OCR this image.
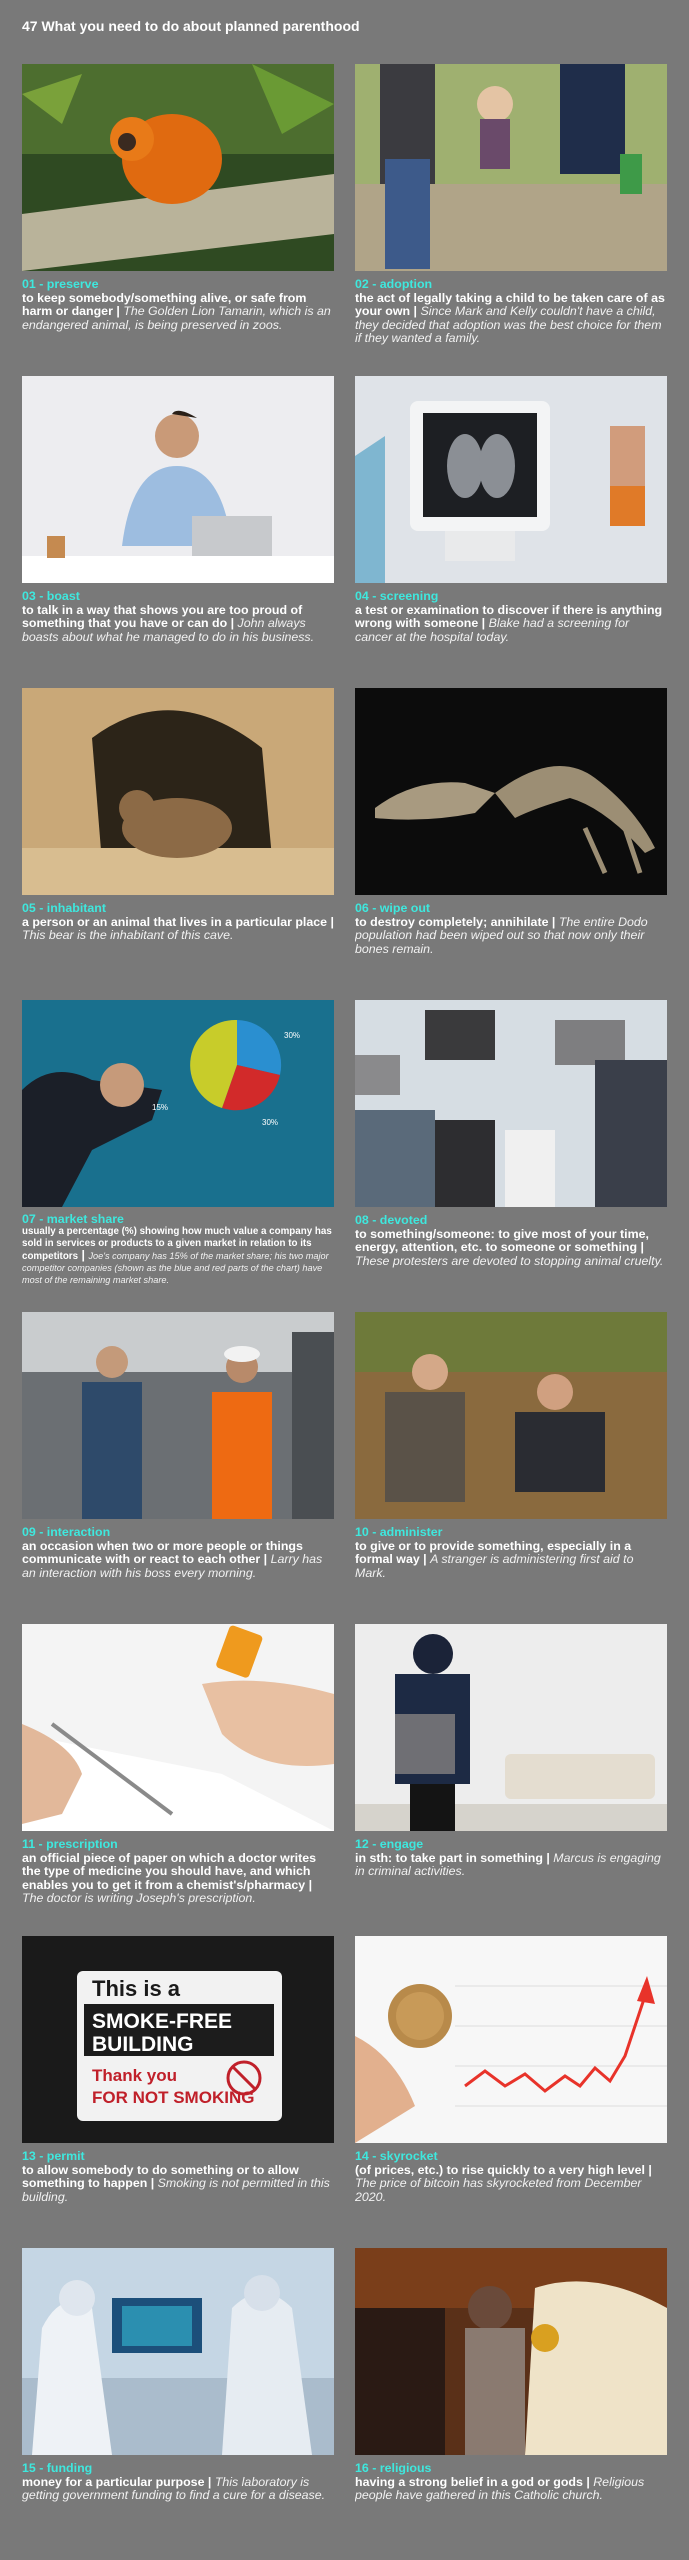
47 What you need to do about planned parenthood
01 - preserve
to keep somebody/something alive, or safe from harm or danger | The Golden Lion Tamarin, which is an endangered animal, is being preserved in zoos.
02 - adoption
the act of legally taking a child to be taken care of as your own | Since Mark and Kelly couldn't have a child, they decided that adoption was the best choice for them if they wanted a family.
03 - boast
to talk in a way that shows you are too proud of something that you have or can do | John always boasts about what he managed to do in his business.
04 - screening
a test or examination to discover if there is anything wrong with someone | Blake had a screening for cancer at the hospital today.
05 - inhabitant
a person or an animal that lives in a particular place | This bear is the inhabitant of this cave.
06 - wipe out
to destroy completely; annihilate | The entire Dodo population had been wiped out so that now only their bones remain.
30%
15%
30%
07 - market share
usually a percentage (%) showing how much value a company has sold in services or products to a given market in relation to its competitors | Joe's company has 15% of the market share; his two major competitor companies (shown as the blue and red parts of the chart) have most of the remaining market share.
08 - devoted
to something/someone: to give most of your time, energy, attention, etc. to someone or something | These protesters are devoted to stopping animal cruelty.
09 - interaction
an occasion when two or more people or things communicate with or react to each other | Larry has an interaction with his boss every morning.
10 - administer
to give or to provide something, especially in a formal way | A stranger is administering first aid to Mark.
11 - prescription
an official piece of paper on which a doctor writes the type of medicine you should have, and which enables you to get it from a chemist's/pharmacy | The doctor is writing Joseph's prescription.
12 - engage
in sth: to take part in something | Marcus is engaging in criminal activities.
This is a
SMOKE-FREE
BUILDING
Thank you
FOR NOT SMOKING
13 - permit
to allow somebody to do something or to allow something to happen | Smoking is not permitted in this building.
14 - skyrocket
(of prices, etc.) to rise quickly to a very high level | The price of bitcoin has skyrocketed from December 2020.
15 - funding
money for a particular purpose | This laboratory is getting government funding to find a cure for a disease.
16 - religious
having a strong belief in a god or gods | Religious people have gathered in this Catholic church.
